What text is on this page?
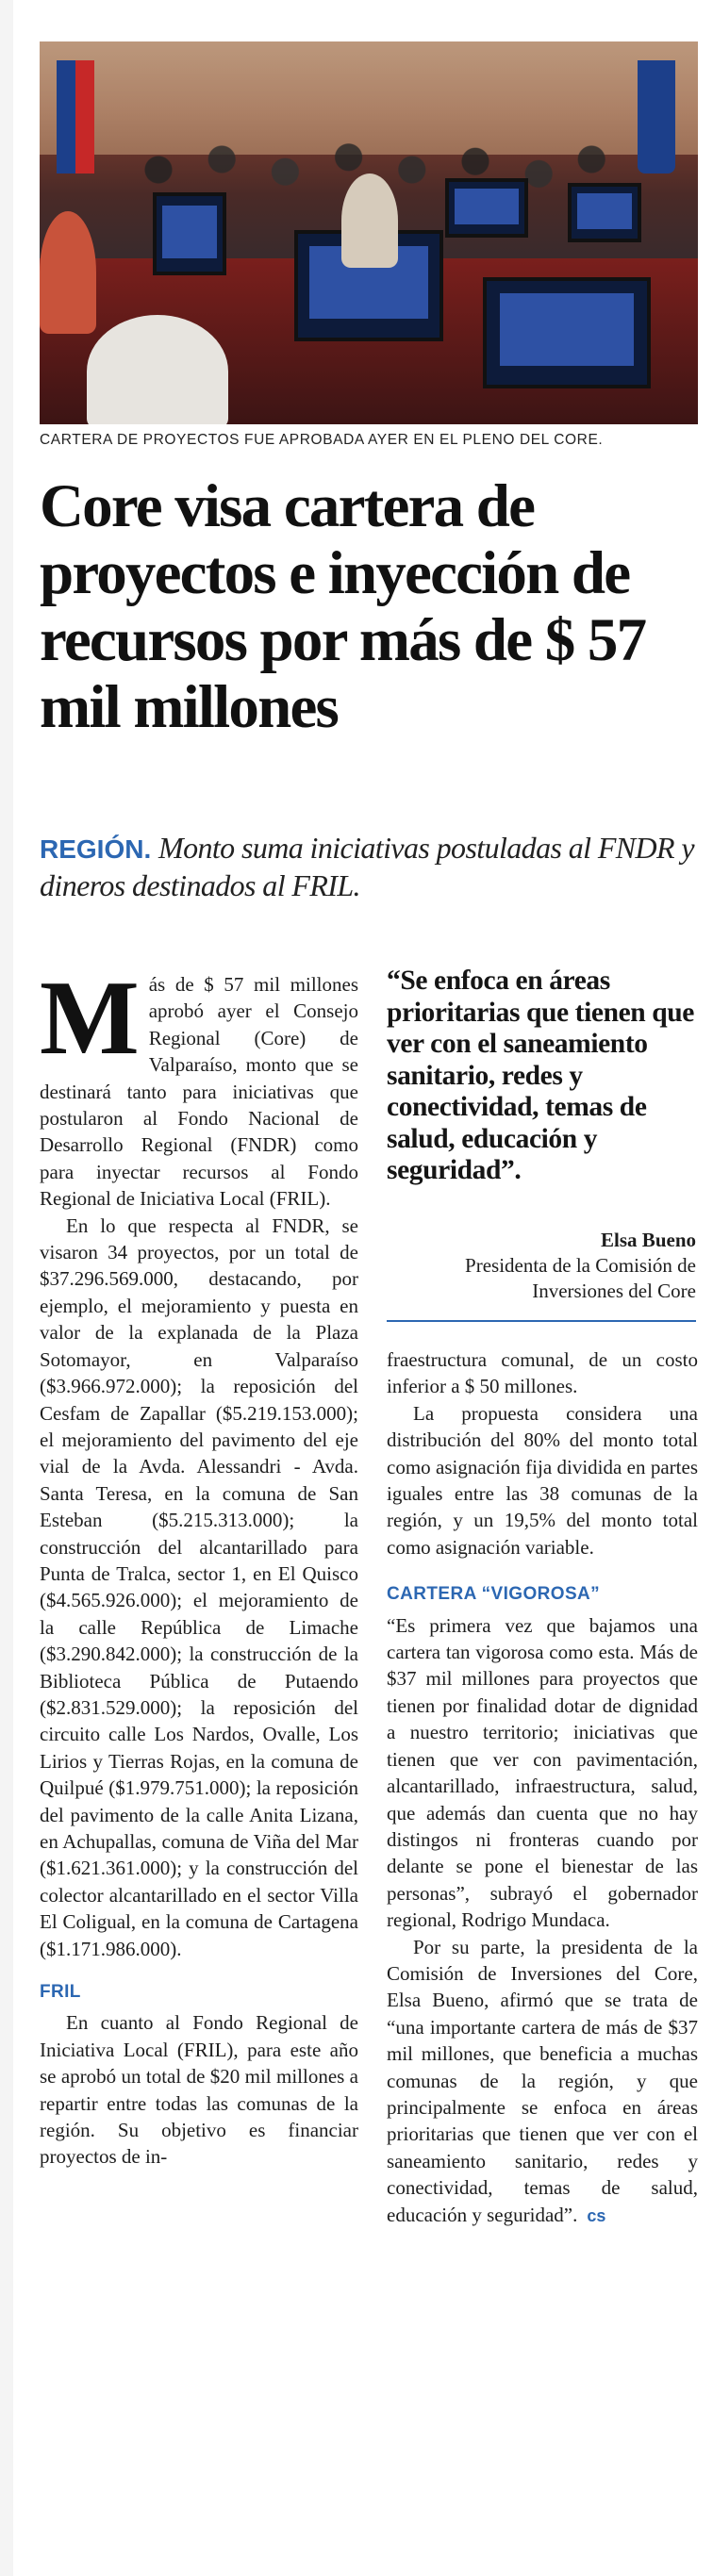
CARTERA DE PROYECTOS FUE APROBADA AYER EN EL PLENO DEL CORE.
Core visa cartera de proyectos e inyección de recursos por más de $ 57 mil millones
REGIÓN. Monto suma iniciativas postuladas al FNDR y dineros destinados al FRIL.

Más de $ 57 mil millones aprobó ayer el Consejo Regional (Core) de Valparaíso, monto que se destinará tanto para iniciativas que postularon al Fondo Nacional de Desarrollo Regional (FNDR) como para inyectar recursos al Fondo Regional de Iniciativa Local (FRIL).

En lo que respecta al FNDR, se visaron 34 proyectos, por un total de $37.296.569.000, destacando, por ejemplo, el mejoramiento y puesta en valor de la explanada de la Plaza Sotomayor, en Valparaíso ($3.966.972.000); la reposición del Cesfam de Zapallar ($5.219.153.000); el mejoramiento del pavimento del eje vial de la Avda. Alessandri - Avda. Santa Teresa, en la comuna de San Esteban ($5.215.313.000); la construcción del alcantarillado para Punta de Tralca, sector 1, en El Quisco ($4.565.926.000); el mejoramiento de la calle República de Limache ($3.290.842.000); la construcción de la Biblioteca Pública de Putaendo ($2.831.529.000); la reposición del circuito calle Los Nardos, Ovalle, Los Lirios y Tierras Rojas, en la comuna de Quilpué ($1.979.751.000); la reposición del pavimento de la calle Anita Lizana, en Achupallas, comuna de Viña del Mar ($1.621.361.000); y la construcción del colector alcantarillado en el sector Villa El Coligual, en la comuna de Cartagena ($1.171.986.000).

FRIL

En cuanto al Fondo Regional de Iniciativa Local (FRIL), para este año se aprobó un total de $20 mil millones a repartir entre todas las comunas de la región. Su objetivo es financiar proyectos de in-

“Se enfoca en áreas prioritarias que tienen que ver con el saneamiento sanitario, redes y conectividad, temas de salud, educación y seguridad”.
Elsa Bueno
Presidenta de la Comisión de Inversiones del Core

fraestructura comunal, de un costo inferior a $ 50 millones.

La propuesta considera una distribución del 80% del monto total como asignación fija dividida en partes iguales entre las 38 comunas de la región, y un 19,5% del monto total como asignación variable.

CARTERA “VIGOROSA”

“Es primera vez que bajamos una cartera tan vigorosa como esta. Más de $37 mil millones para proyectos que tienen por finalidad dotar de dignidad a nuestro territorio; iniciativas que tienen que ver con pavimentación, alcantarillado, infraestructura, salud, que además dan cuenta que no hay distingos ni fronteras cuando por delante se pone el bienestar de las personas”, subrayó el gobernador regional, Rodrigo Mundaca.

Por su parte, la presidenta de la Comisión de Inversiones del Core, Elsa Bueno, afirmó que se trata de “una importante cartera de más de $37 mil millones, que beneficia a muchas comunas de la región, y que principalmente se enfoca en áreas prioritarias que tienen que ver con el saneamiento sanitario, redes y conectividad, temas de salud, educación y seguridad”. cs
